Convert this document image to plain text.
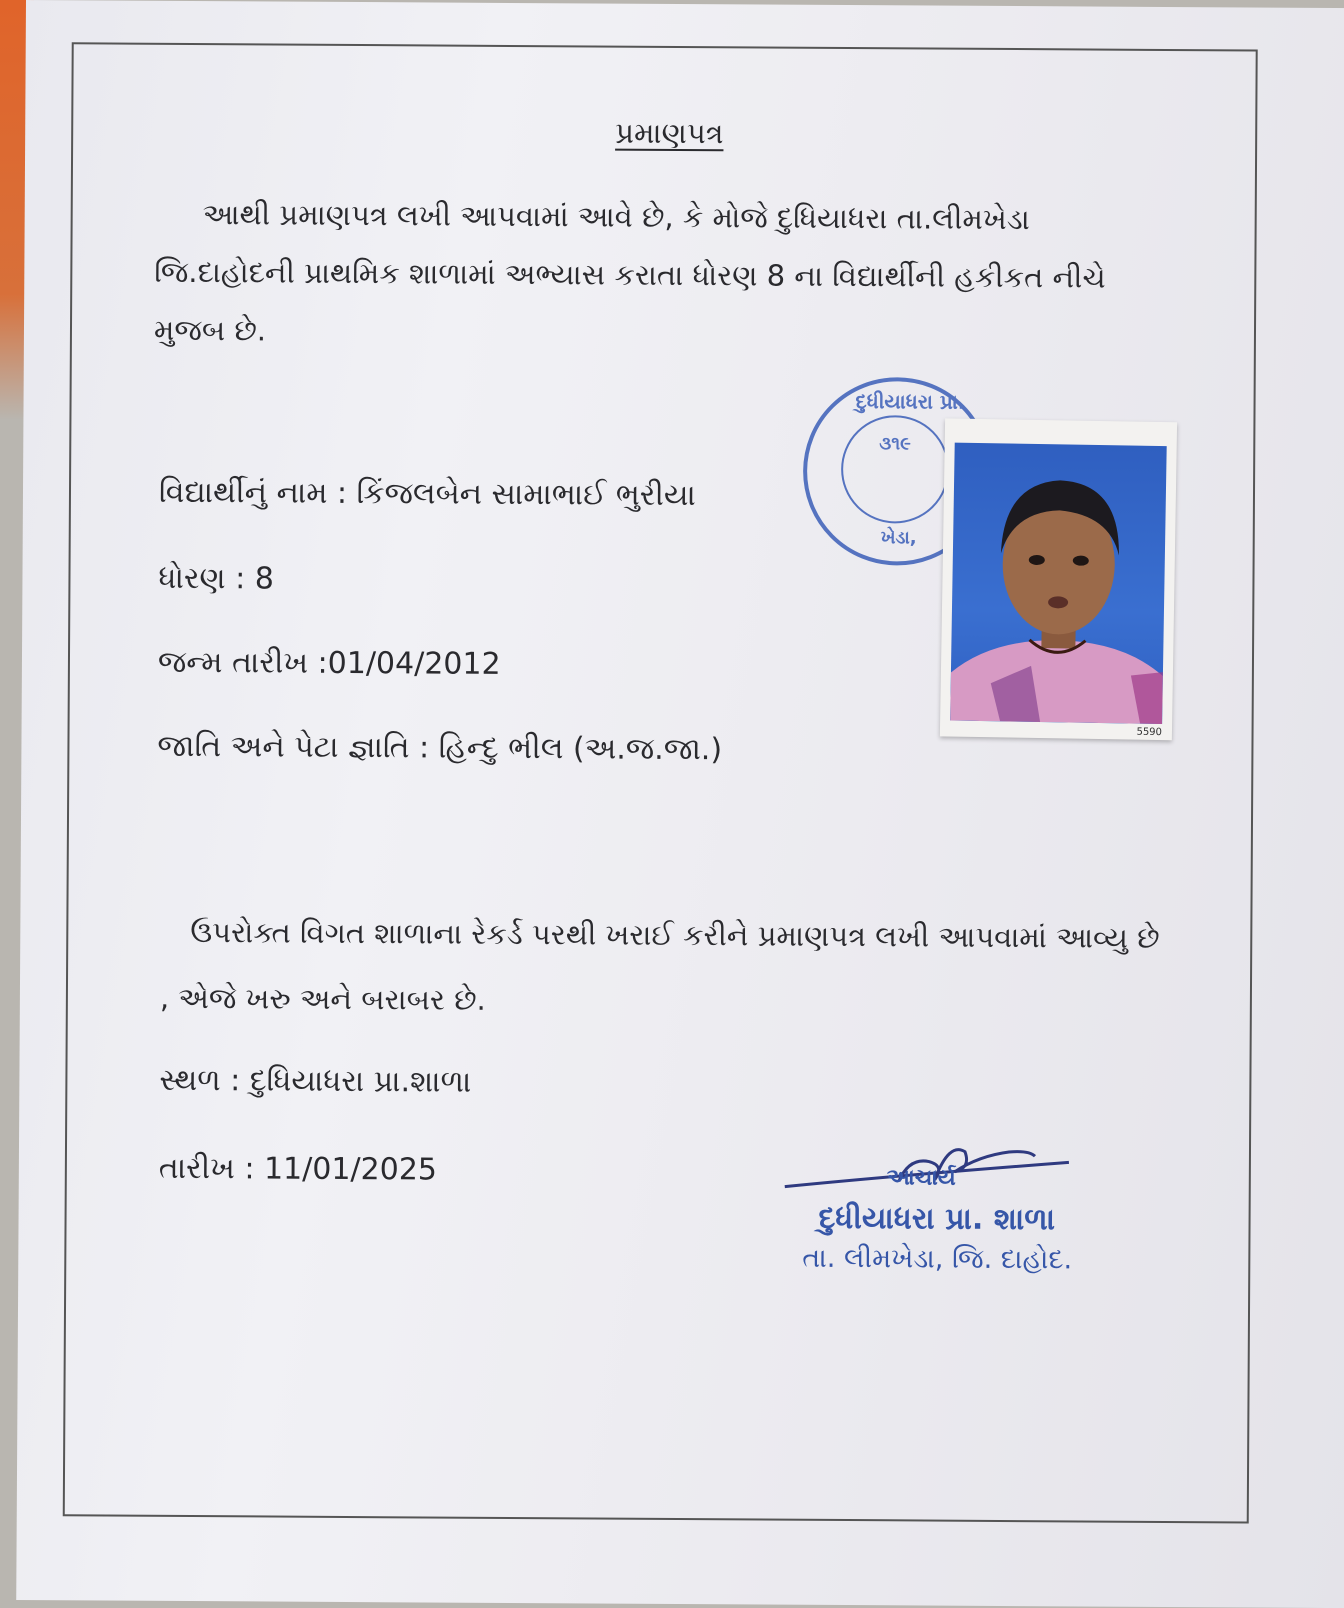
પ્રમાણપત્ર
આથી પ્રમાણપત્ર લખી આપવામાં આવે છે, કે મોજે દુધિયાધરા તા.લીમખેડા
જિ.દાહોદની પ્રાથમિક શાળામાં અભ્યાસ કરાતા ધોરણ 8 ના વિદ્યાર્થીની હકીકત નીચે
મુજબ છે.
દુધીયાધરા પ્રા.
૩૧૯
ખેડા,
5590
વિદ્યાર્થીનું નામ : કિંજલબેન સામાભાઈ ભુરીયા
ધોરણ : 8
જન્મ તારીખ :01/04/2012
જાતિ અને પેટા જ્ઞાતિ : હિન્દુ ભીલ (અ.જ.જા.)
ઉપરોક્ત વિગત શાળાના રેકર્ડ પરથી ખરાઈ કરીને પ્રમાણપત્ર લખી આપવામાં આવ્યુ છે
, એજે ખરુ અને બરાબર છે.
સ્થળ : દુધિયાધરા પ્રા.શાળા
તારીખ : 11/01/2025	આચાર્ય
દુધીયાધરા પ્રા. શાળા
તા. લીમખેડા, જિ. દાહોદ.
